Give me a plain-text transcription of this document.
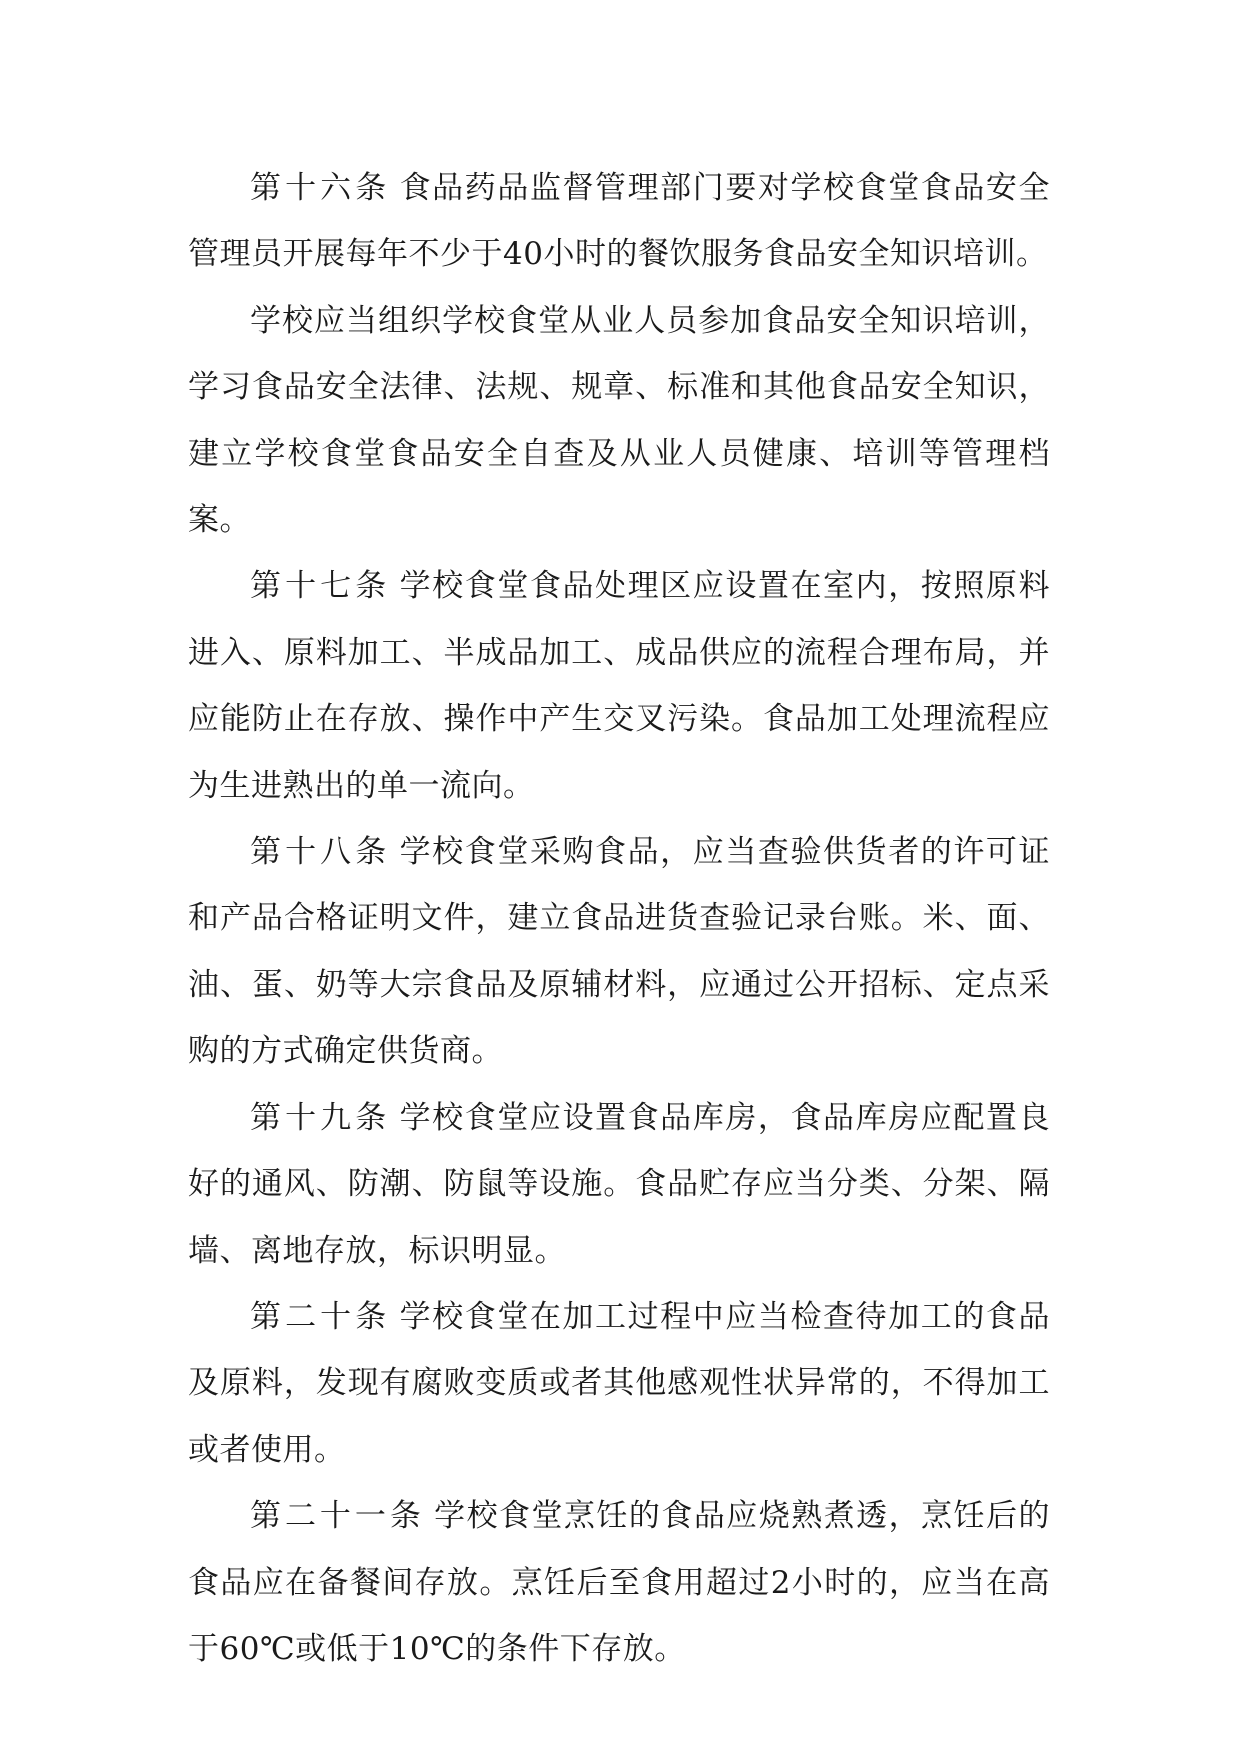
第十六条 食品药品监督管理部门要对学校食堂食品安全管理员开展每年不少于40小时的餐饮服务食品安全知识培训。

学校应当组织学校食堂从业人员参加食品安全知识培训，学习食品安全法律、法规、规章、标准和其他食品安全知识，建立学校食堂食品安全自查及从业人员健康、培训等管理档案。

第十七条 学校食堂食品处理区应设置在室内，按照原料进入、原料加工、半成品加工、成品供应的流程合理布局，并应能防止在存放、操作中产生交叉污染。食品加工处理流程应为生进熟出的单一流向。

第十八条 学校食堂采购食品，应当查验供货者的许可证和产品合格证明文件，建立食品进货查验记录台账。米、面、油、蛋、奶等大宗食品及原辅材料，应通过公开招标、定点采购的方式确定供货商。

第十九条 学校食堂应设置食品库房，食品库房应配置良好的通风、防潮、防鼠等设施。食品贮存应当分类、分架、隔墙、离地存放，标识明显。

第二十条 学校食堂在加工过程中应当检查待加工的食品及原料，发现有腐败变质或者其他感观性状异常的，不得加工或者使用。

第二十一条 学校食堂烹饪的食品应烧熟煮透，烹饪后的食品应在备餐间存放。烹饪后至食用超过2小时的，应当在高于60℃或低于10℃的条件下存放。
